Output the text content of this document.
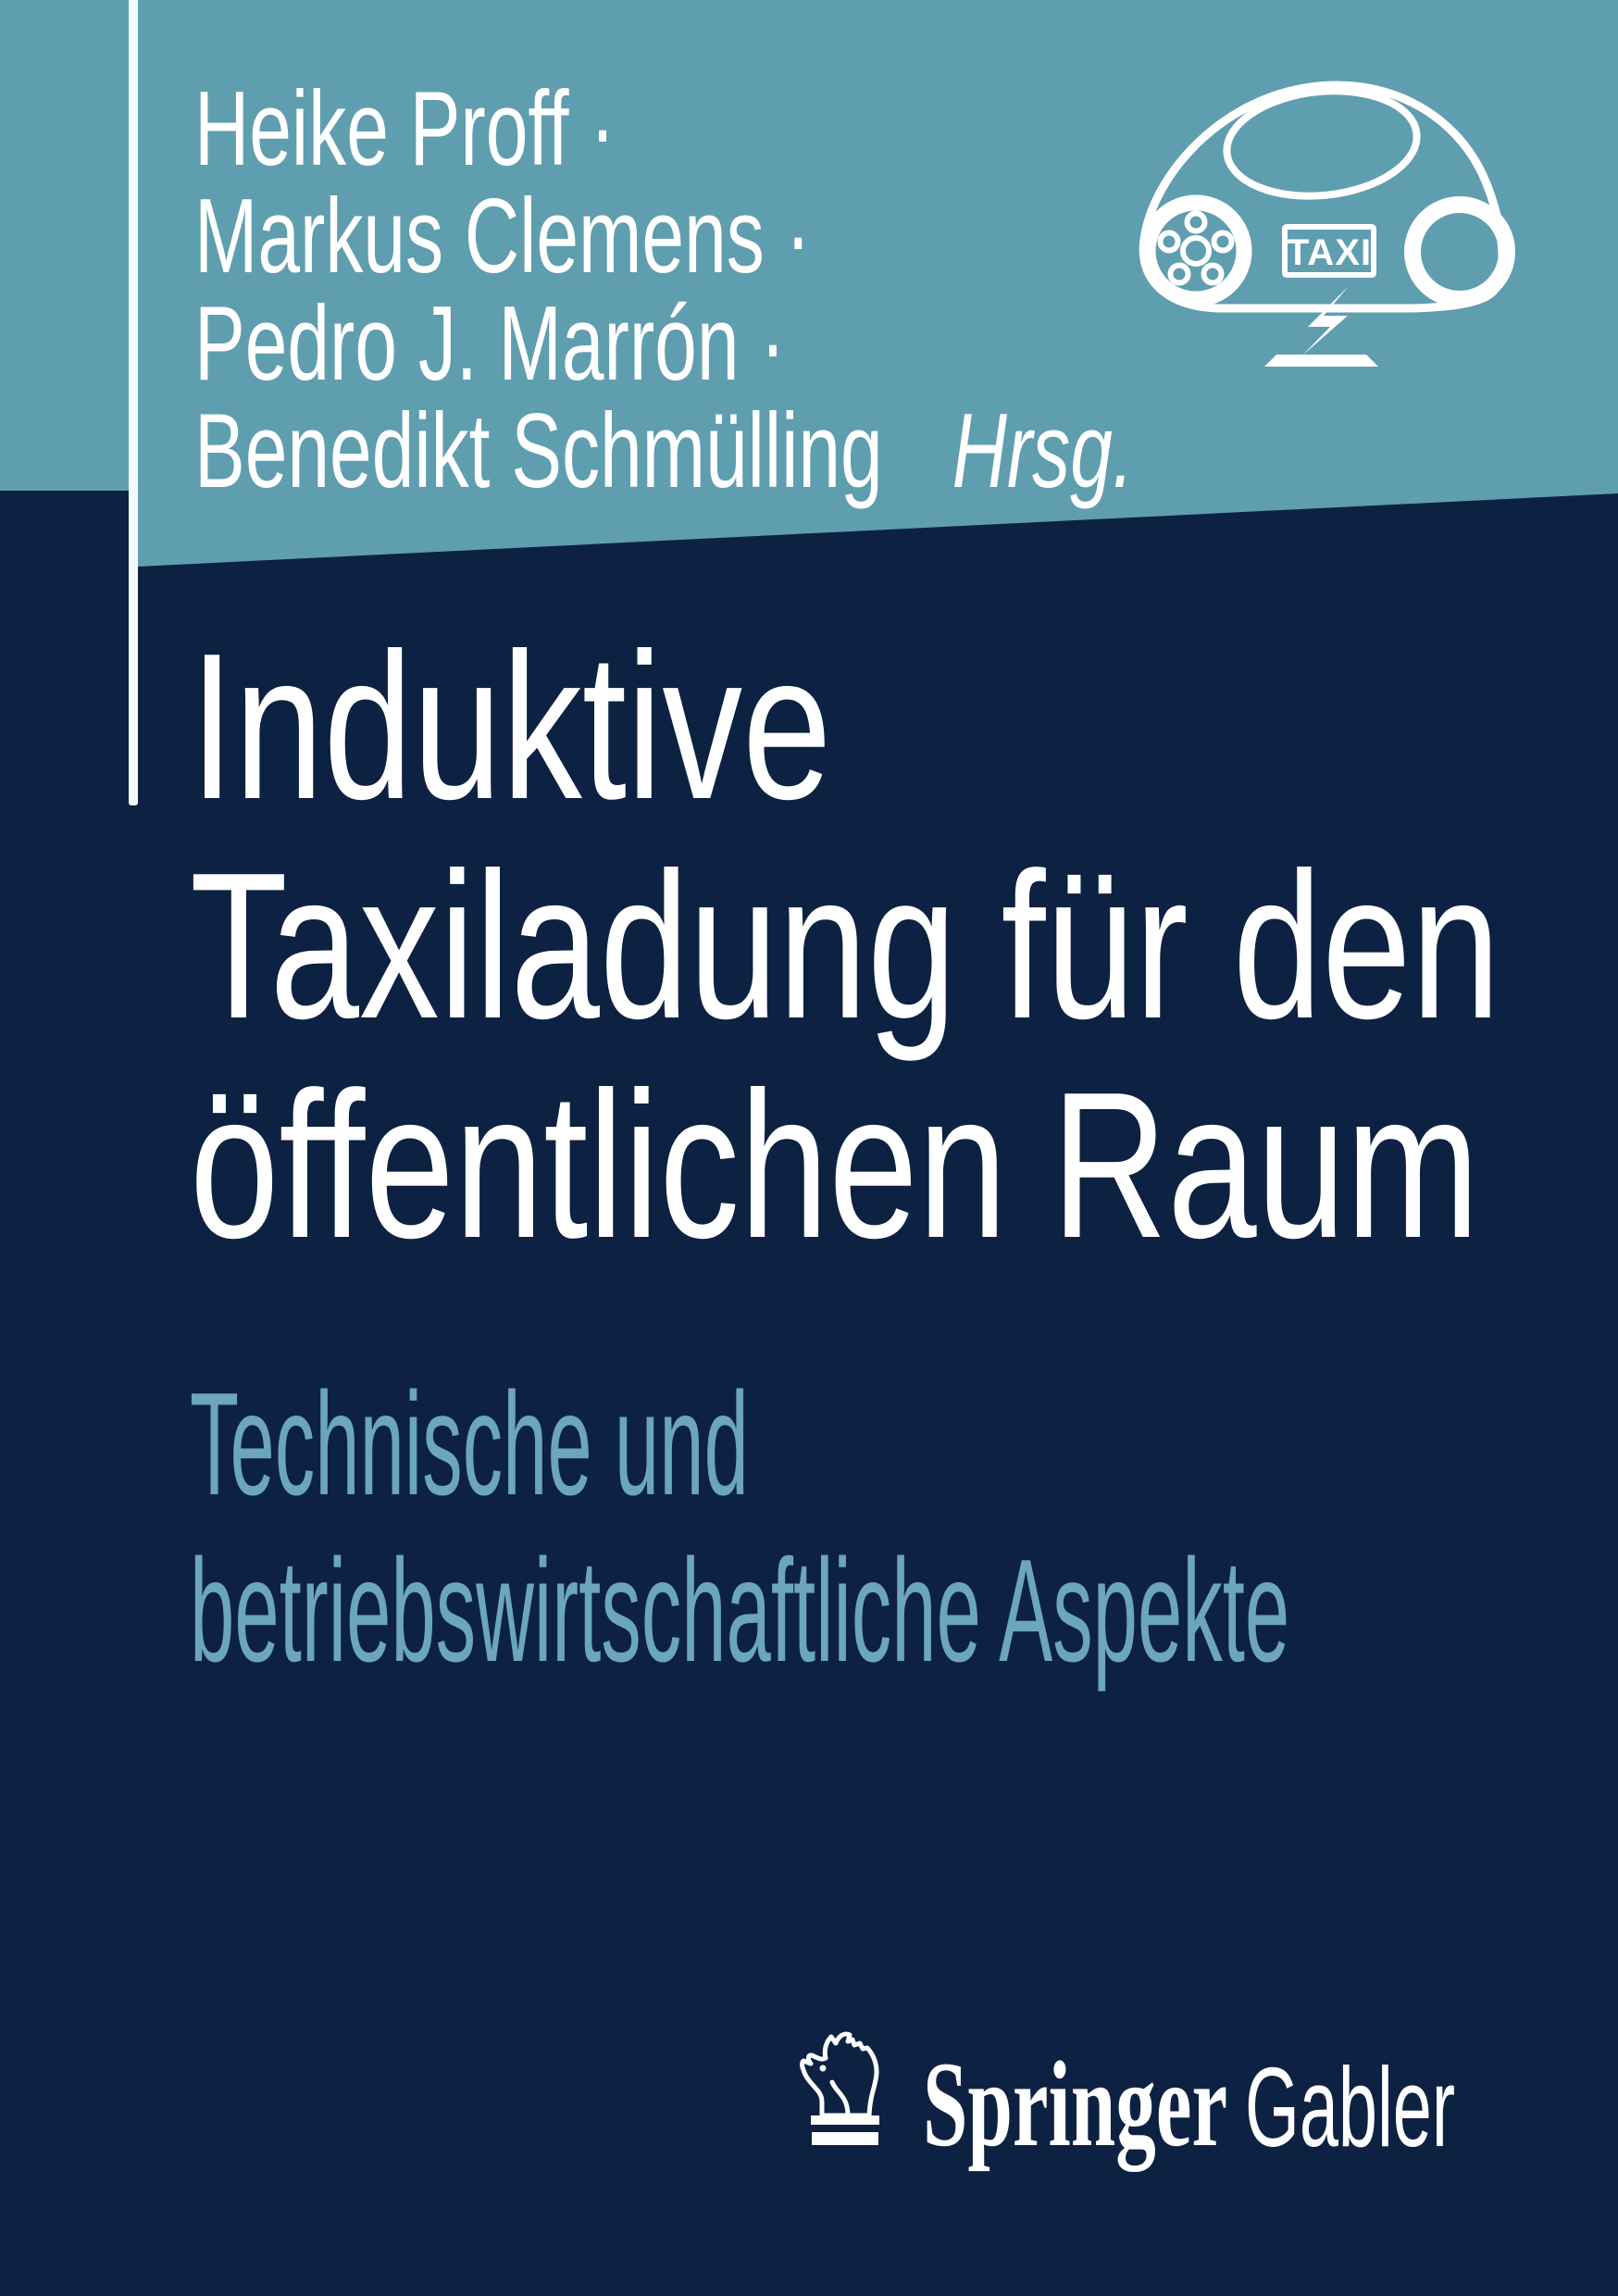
TAXI
Heike Proff ·
Markus Clemens ·
Pedro J. Marrón ·
Benedikt Schmülling Hrsg.
Induktive
Taxiladung für den
öffentlichen Raum
Technische und
betriebswirtschaftliche Aspekte
Springer Gabler
